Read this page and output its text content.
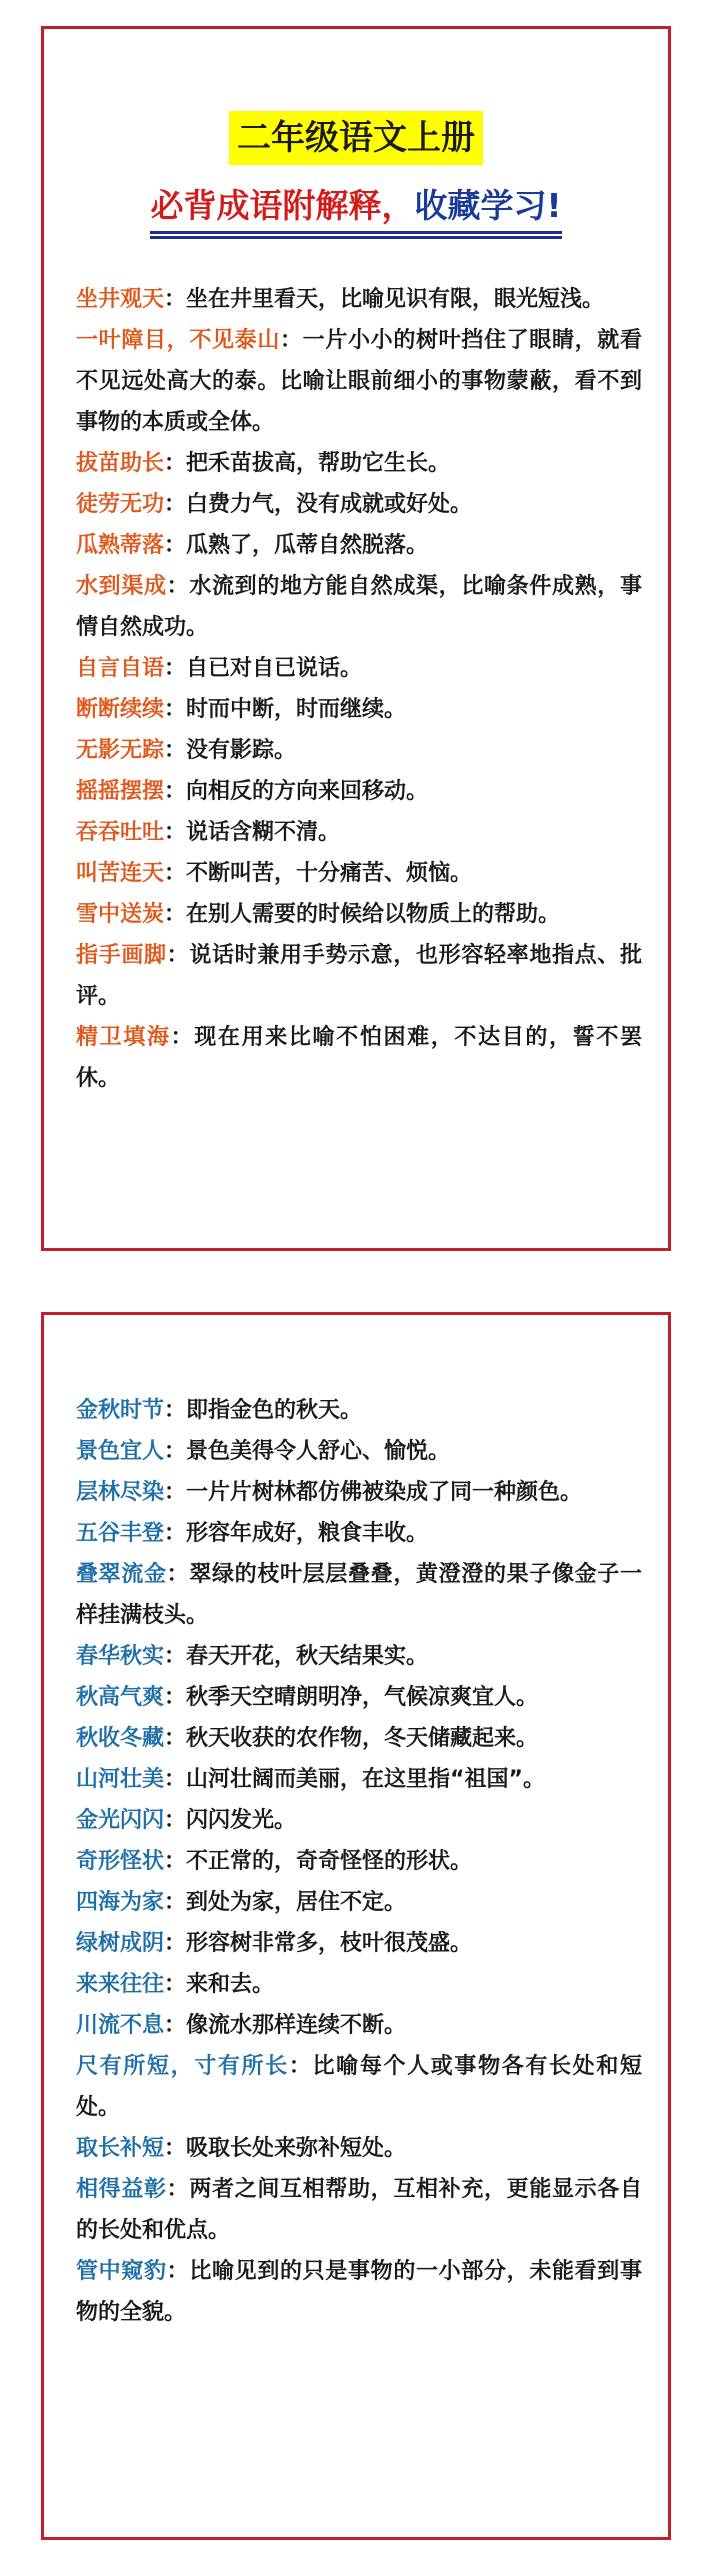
二年级语文上册
必背成语附解释，收藏学习!
坐井观天：坐在井里看天，比喻见识有限，眼光短浅。
一叶障目，不见泰山：一片小小的树叶挡住了眼睛，就看不见远处高大的泰。比喻让眼前细小的事物蒙蔽，看不到事物的本质或全体。
拔苗助长：把禾苗拔高，帮助它生长。
徒劳无功：白费力气，没有成就或好处。
瓜熟蒂落：瓜熟了，瓜蒂自然脱落。
水到渠成：水流到的地方能自然成渠，比喻条件成熟，事情自然成功。
自言自语：自已对自已说话。
断断续续：时而中断，时而继续。
无影无踪：没有影踪。
摇摇摆摆：向相反的方向来回移动。
吞吞吐吐：说话含糊不清。
叫苦连天：不断叫苦，十分痛苦、烦恼。
雪中送炭：在别人需要的时候给以物质上的帮助。
指手画脚：说话时兼用手势示意，也形容轻率地指点、批评。
精卫填海：现在用来比喻不怕困难，不达目的，誓不罢休。
金秋时节：即指金色的秋天。
景色宜人：景色美得令人舒心、愉悦。
层林尽染：一片片树林都仿佛被染成了同一种颜色。
五谷丰登：形容年成好，粮食丰收。
叠翠流金：翠绿的枝叶层层叠叠，黄澄澄的果子像金子一样挂满枝头。
春华秋实：春天开花，秋天结果实。
秋高气爽：秋季天空晴朗明净，气候凉爽宜人。
秋收冬藏：秋天收获的农作物，冬天储藏起来。
山河壮美：山河壮阔而美丽，在这里指“祖国”。
金光闪闪：闪闪发光。
奇形怪状：不正常的，奇奇怪怪的形状。
四海为家：到处为家，居住不定。
绿树成阴：形容树非常多，枝叶很茂盛。
来来往往：来和去。
川流不息：像流水那样连续不断。
尺有所短，寸有所长：比喻每个人或事物各有长处和短处。
取长补短：吸取长处来弥补短处。
相得益彰：两者之间互相帮助，互相补充，更能显示各自的长处和优点。
管中窥豹：比喻见到的只是事物的一小部分，未能看到事物的全貌。
